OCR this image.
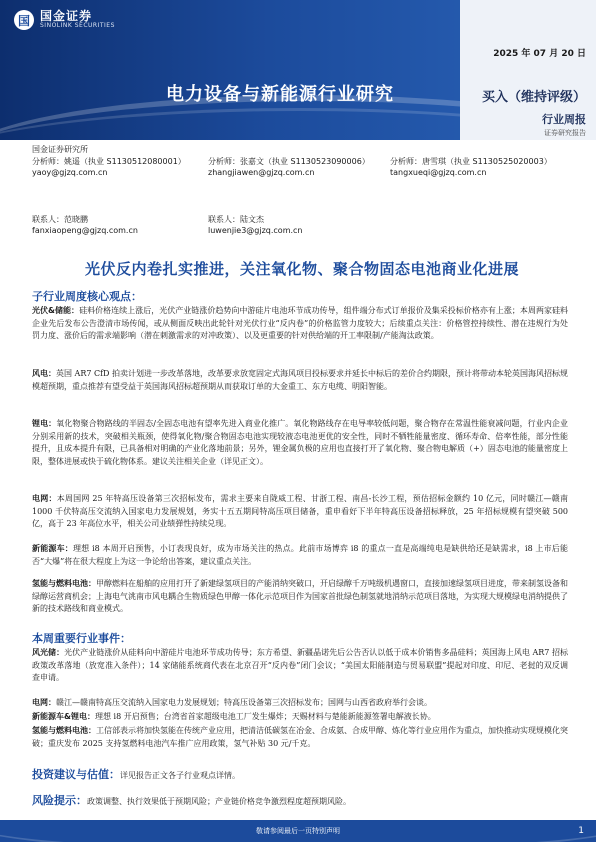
国 国金证券
SINOLINK SECURITIES
电力设备与新能源行业研究
2025 年 07 月 20 日
买入（维持评级）
行业周报
证券研究报告
国金证券研究所
分析师：姚遥（执业 S1130512080001）
yaoy@gjzq.com.cn
分析师：张嘉文（执业 S1130523090006）
zhangjiawen@gjzq.com.cn
分析师：唐雪琪（执业 S1130525020003）
tangxueqi@gjzq.com.cn
联系人：范晓鹏
fanxiaopeng@gjzq.com.cn
联系人：陆文杰
luwenjie3@gjzq.com.cn
光伏反内卷扎实推进，关注氧化物、聚合物固态电池商业化进展
子行业周度核心观点：
光伏&储能：硅料价格连续上涨后，光伏产业链涨价趋势向中游硅片电池环节成功传导，组件端分布式订单报价及集采投标价格亦有上涨；本周两家硅料企业先后发布公告澄清市场传闻，或从侧面反映出此轮针对光伏行业“反内卷”的价格监管力度较大；后续重点关注：价格管控持续性、潜在违规行为处罚力度、涨价后的需求端影响（潜在刺激需求的对冲政策）、以及更重要的针对供给端的开工率限制/产能淘汰政策。
风电：英国 AR7 CfD 拍卖计划进一步改革落地，改革要求放宽固定式海风项目投标要求并延长中标后的差价合约期限，预计将带动本轮英国海风招标规模超预期，重点推荐有望受益于英国海风招标超预期从而获取订单的大金重工、东方电缆、明阳智能。
锂电：氧化物聚合物路线的半固态/全固态电池有望率先进入商业化推广。氧化物路线存在电导率较低问题，聚合物存在常温性能衰减问题，行业内企业分别采用新的技术，突破相关瓶颈，使得氧化物/聚合物固态电池实现较液态电池更优的安全性，同时不牺牲能量密度、循环寿命、倍率性能，部分性能提升，且成本提升有限，已具备相对明确的产业化落地前景；另外，锂金属负极的应用也直接打开了氧化物、聚合物电解质（+）固态电池的能量密度上限，整体进展或快于硫化物体系。建议关注相关企业（详见正文）。
电网：本周国网 25 年特高压设备第三次招标发布，需求主要来自陇威工程、甘浙工程、南昌-长沙工程，预估招标金额约 10 亿元，同时赣江—赣南 1000 千伏特高压交流纳入国家电力发展规划，务实十五五期间特高压项目储备，重申看好下半年特高压设备招标释放，25 年招标规模有望突破 500 亿，高于 23 年高位水平，相关公司业绩弹性持续兑现。
新能源车：理想 i8 本周开启预售，小订表现良好，成为市场关注的热点。此前市场博弈 i8 的重点一直是高端纯电是缺供给还是缺需求，i8 上市后能否“大爆”将在很大程度上为这一争论给出答案，建议重点关注。
氢能与燃料电池：甲醇燃料在船舶的应用打开了新建绿氢项目的产能消纳突破口，开启绿醇千万吨级机遇窗口，直接加速绿氢项目进度，带来制氢设备和绿醇运营商机会；上海电气洮南市风电耦合生物质绿色甲醇一体化示范项目作为国家首批绿色制氢就地消纳示范项目落地，为实现大规模绿电消纳提供了新的技术路线和商业模式。
本周重要行业事件：
风光储：光伏产业链涨价从硅料向中游硅片电池环节成功传导；东方希望、新疆晶诺先后公告否认以低于成本价销售多晶硅料；英国海上风电 AR7 招标政策改革落地（放宽准入条件）；14 家储能系统商代表在北京召开“反内卷”闭门会议；“美国太阳能制造与贸易联盟”提起对印度、印尼、老挝的双反调查申请。
电网：赣江—赣南特高压交流纳入国家电力发展规划；特高压设备第三次招标发布；国网与山西省政府举行会谈。
新能源车&锂电：理想 i8 开启预售；台湾省首家超级电池工厂发生爆炸；天赐材料与楚能新能源签署电解液长协。
氢能与燃料电池：工信部表示将加快氢能在传统产业应用，把清洁低碳氢在冶金、合成氨、合成甲醇、炼化等行业应用作为重点，加快推动实现规模化突破；重庆发布 2025 支持氢燃料电池汽车推广应用政策，氢气补贴 30 元/千克。
投资建议与估值：详见报告正文各子行业观点详情。
风险提示：政策调整、执行效果低于预期风险；产业链价格竞争激烈程度超预期风险。
敬请参阅最后一页特别声明	1
